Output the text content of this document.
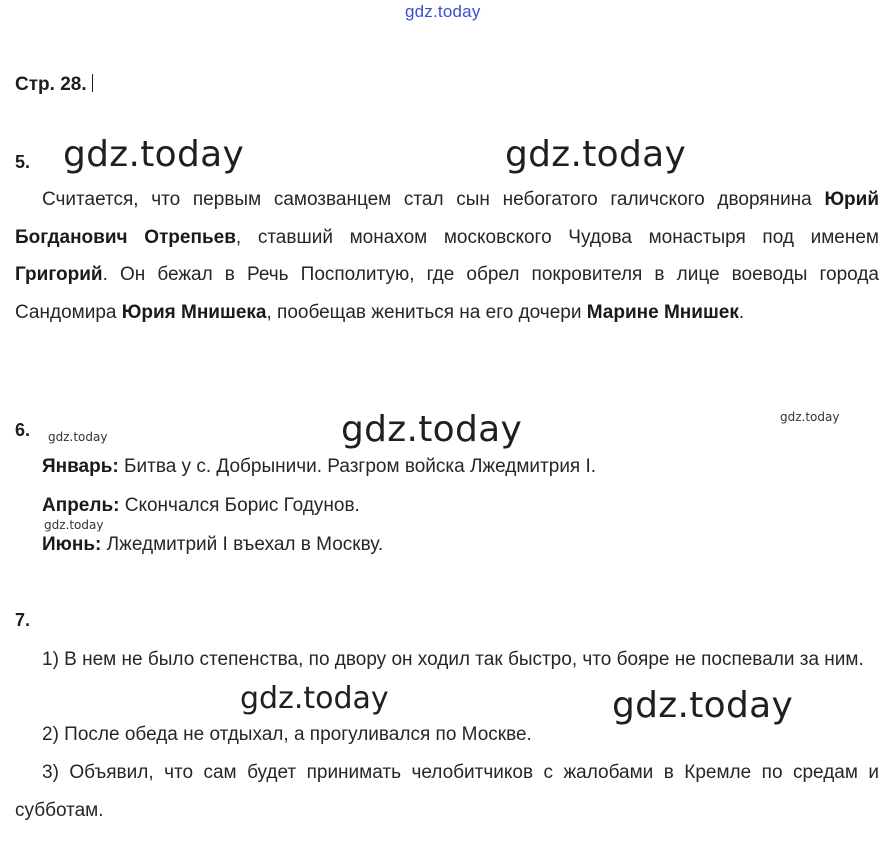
gdz.today
gdz.today	gdz.today
gdz.today
gdz.today	gdz.today
gdz.today
gdz.today
gdz.today
Стр. 28.
5.
Считается, что первым самозванцем стал сын небогатого галичского дворянина Юрий Богданович Отрепьев, ставший монахом московского Чудова монастыря под именем Григорий. Он бежал в Речь Посполитую, где обрел покровителя в лице воеводы города Сандомира Юрия Мнишека, пообещав жениться на его дочери Марине Мнишек.
6.
Январь: Битва у с. Добрыничи. Разгром войска Лжедмитрия I.
Апрель: Скончался Борис Годунов.
Июнь: Лжедмитрий I въехал в Москву.
7.
1) В нем не было степенства, по двору он ходил так быстро, что бояре не поспевали за ним.
2) После обеда не отдыхал, а прогуливался по Москве.
3) Объявил, что сам будет принимать челобитчиков с жалобами в Кремле по средам и субботам.
